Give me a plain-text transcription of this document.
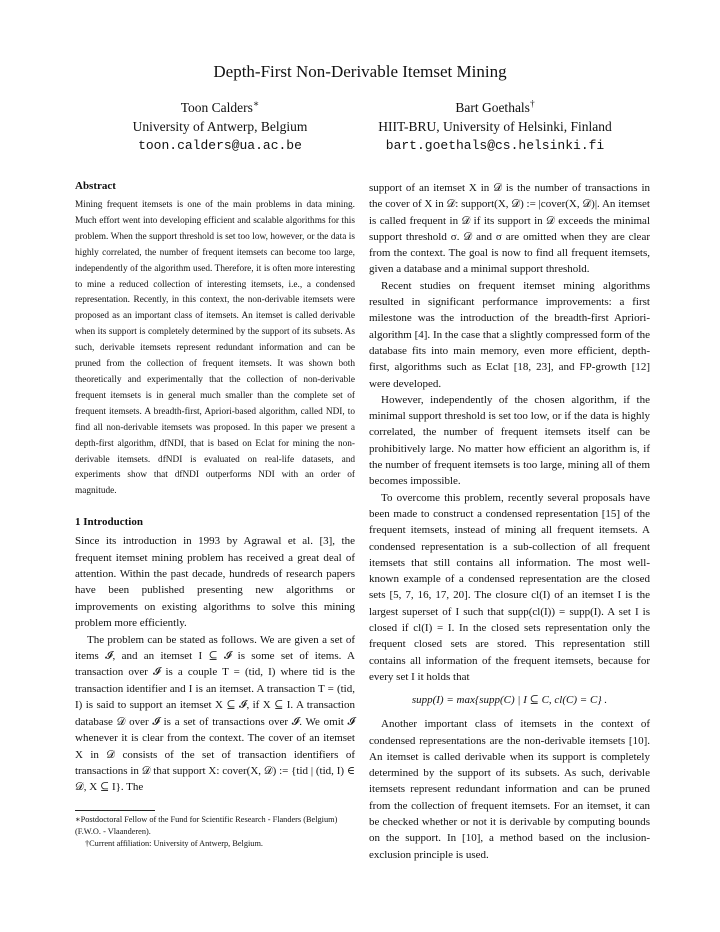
Depth-First Non-Derivable Itemset Mining
Toon Calders∗
University of Antwerp, Belgium
toon.calders@ua.ac.be
Bart Goethals†
HIIT-BRU, University of Helsinki, Finland
bart.goethals@cs.helsinki.fi
Abstract

Mining frequent itemsets is one of the main problems in data mining. Much effort went into developing efficient and scalable algorithms for this problem. When the support threshold is set too low, however, or the data is highly correlated, the number of frequent itemsets can become too large, independently of the algorithm used. Therefore, it is often more interesting to mine a reduced collection of interesting itemsets, i.e., a condensed representation. Recently, in this context, the non-derivable itemsets were proposed as an important class of itemsets. An itemset is called derivable when its support is completely determined by the support of its subsets. As such, derivable itemsets represent redundant information and can be pruned from the collection of frequent itemsets. It was shown both theoretically and experimentally that the collection of non-derivable frequent itemsets is in general much smaller than the complete set of frequent itemsets. A breadth-first, Apriori-based algorithm, called NDI, to find all non-derivable itemsets was proposed. In this paper we present a depth-first algorithm, dfNDI, that is based on Eclat for mining the non-derivable itemsets. dfNDI is evaluated on real-life datasets, and experiments show that dfNDI outperforms NDI with an order of magnitude.

1 Introduction

Since its introduction in 1993 by Agrawal et al. [3], the frequent itemset mining problem has received a great deal of attention. Within the past decade, hundreds of research papers have been published presenting new algorithms or improvements on existing algorithms to solve this mining problem more efficiently.

The problem can be stated as follows. We are given a set of items 𝓘, and an itemset I ⊆ 𝓘 is some set of items. A transaction over 𝓘 is a couple T = (tid, I) where tid is the transaction identifier and I is an itemset. A transaction T = (tid, I) is said to support an itemset X ⊆ 𝓘, if X ⊆ I. A transaction database 𝒟 over 𝓘 is a set of transactions over 𝓘. We omit 𝓘 whenever it is clear from the context. The cover of an itemset X in 𝒟 consists of the set of transaction identifiers of transactions in 𝒟 that support X: cover(X, 𝒟) := {tid | (tid, I) ∈ 𝒟, X ⊆ I}. The

∗Postdoctoral Fellow of the Fund for Scientific Research - Flanders (Belgium)(F.W.O. - Vlaanderen).

†Current affiliation: University of Antwerp, Belgium.

support of an itemset X in 𝒟 is the number of transactions in the cover of X in 𝒟: support(X, 𝒟) := |cover(X, 𝒟)|. An itemset is called frequent in 𝒟 if its support in 𝒟 exceeds the minimal support threshold σ. 𝒟 and σ are omitted when they are clear from the context. The goal is now to find all frequent itemsets, given a database and a minimal support threshold.

Recent studies on frequent itemset mining algorithms resulted in significant performance improvements: a first milestone was the introduction of the breadth-first Apriori-algorithm [4]. In the case that a slightly compressed form of the database fits into main memory, even more efficient, depth-first, algorithms such as Eclat [18, 23], and FP-growth [12] were developed.

However, independently of the chosen algorithm, if the minimal support threshold is set too low, or if the data is highly correlated, the number of frequent itemsets itself can be prohibitively large. No matter how efficient an algorithm is, if the number of frequent itemsets is too large, mining all of them becomes impossible.

To overcome this problem, recently several proposals have been made to construct a condensed representation [15] of the frequent itemsets, instead of mining all frequent itemsets. A condensed representation is a sub-collection of all frequent itemsets that still contains all information. The most well-known example of a condensed representation are the closed sets [5, 7, 16, 17, 20]. The closure cl(I) of an itemset I is the largest superset of I such that supp(cl(I)) = supp(I). A set I is closed if cl(I) = I. In the closed sets representation only the frequent closed sets are stored. This representation still contains all information of the frequent itemsets, because for every set I it holds that

supp(I) = max{supp(C) | I ⊆ C, cl(C) = C} .

Another important class of itemsets in the context of condensed representations are the non-derivable itemsets [10]. An itemset is called derivable when its support is completely determined by the support of its subsets. As such, derivable itemsets represent redundant information and can be pruned from the collection of frequent itemsets. For an itemset, it can be checked whether or not it is derivable by computing bounds on the support. In [10], a method based on the inclusion-exclusion principle is used.
